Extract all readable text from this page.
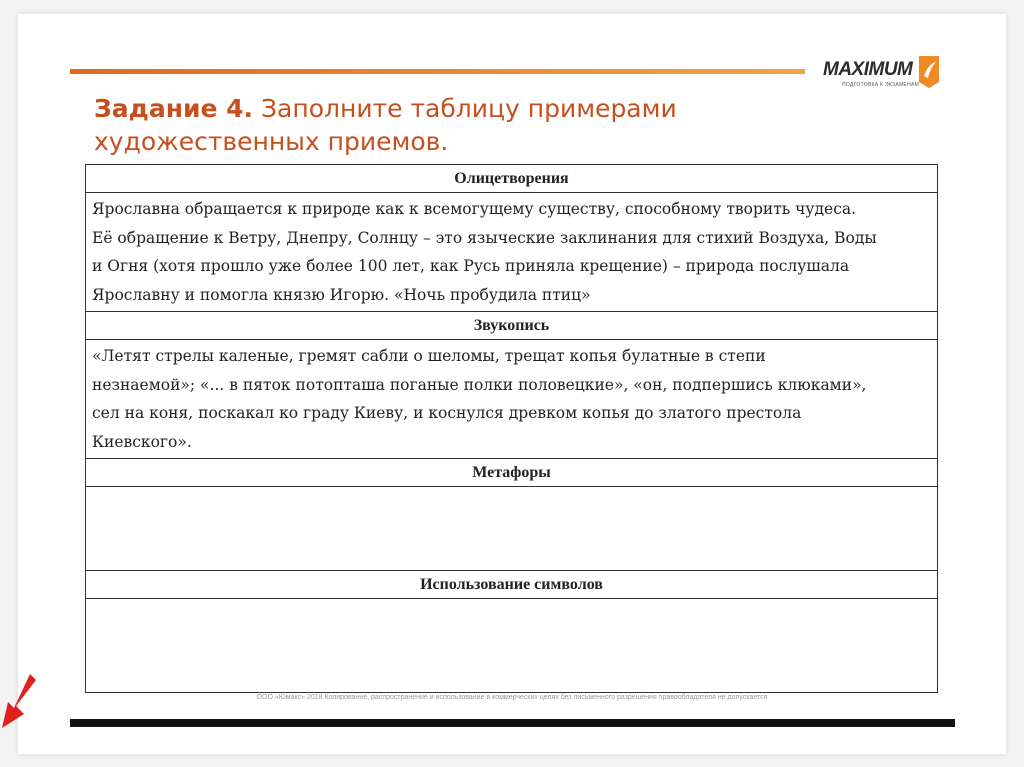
MAXIMUM
ПОДГОТОВКА К ЭКЗАМЕНАМ
Задание 4. Заполните таблицу примерами
художественных приемов.
Олицетворения
Ярославна обращается к природе как к всемогущему существу, способному творить чудеса.
Её обращение к Ветру, Днепру, Солнцу – это языческие заклинания для стихий Воздуха, Воды
и Огня (хотя прошло уже более 100 лет, как Русь приняла крещение) – природа послушала
Ярославну и помогла князю Игорю. «Ночь пробудила птиц»
Звукопись
«Летят стрелы каленые, гремят сабли о шеломы, трещат копья булатные в степи
незнаемой»; «... в пяток потопташа поганые полки половецкие», «он, подпершись клюками»,
сел на коня, поскакал ко граду Киеву, и коснулся древком копья до златого престола
Киевского».
Метафоры

Использование символов

ООО «Юмакс» 2018 Копирование, распространение и использование в коммерческих целях без письменного разрешения правообладателя не допускается
